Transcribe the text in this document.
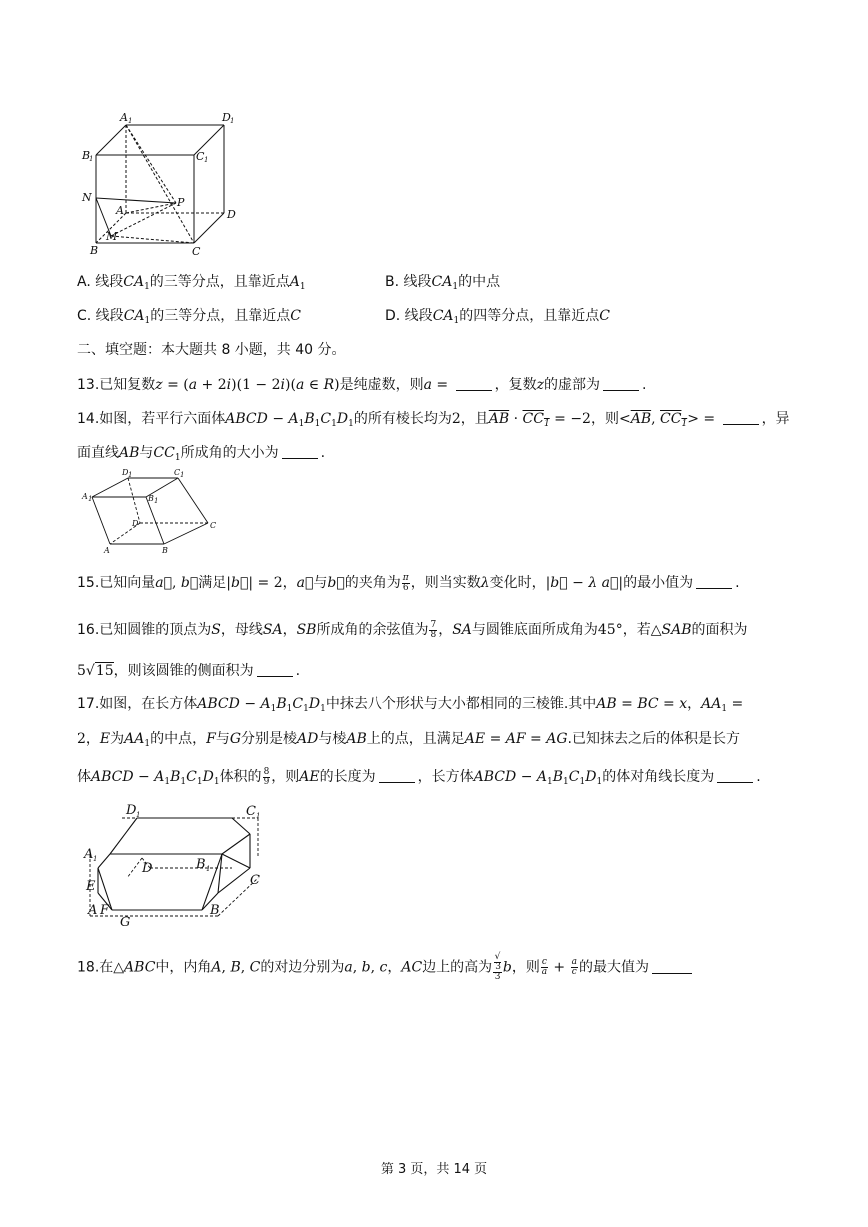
A 1	D 1
B
1	C 1
N
A
P
D
M
B	C
A. 线段$CA_1$的三等分点，且靠近点$A_1$	B. 线段$CA_1$的中点
C. 线段$CA_1$的三等分点，且靠近点C	D. 线段$CA_1$的四等分点，且靠近点C
二、填空题：本大题共 8 小题，共 40 分。
13.已知复数z = (a + 2i)(1 − 2i)(a ∈ R)是纯虚数，则a =	，复数z的虚部为	.
14.如图，若平行六面体ABCD − $A_1B_1C_1D_1$的所有棱长均为2，且$\overline{AB} \cdot CC_1 = -2$，则$<\overline{AB}$, $CC_1>$ =	，异
面直线AB与$CC_1$所成角的大小为	.
D 1	C 1
A 1	B 1
D	C
A	B
15.已知向量a⃗, b⃗满足|b⃗| = 2，a⃗与b⃗的夹角为 $\frac{\pi}{6}$ ，则当实数λ变化时，|b⃗ − λ a⃗|的最小值为	.
16.已知圆锥的顶点为S，母线SA，SB所成角的余弦值为 $\frac{7}{8}$ ，SA与圆锥底面所成角为45°，若△SAB的面积为
5√15，则该圆锥的侧面积为	.
17.如图，在长方体ABCD − $A_1B_1C_1D_1$中抹去八个形状与大小都相同的三棱锥.其中AB = BC = x，$AA_1$ =
2，E为$AA_1$的中点，F与G分别是棱AD与棱AB上的点，且满足AE = AF = AG.已知抹去之后的体积是长方
体ABCD − $A_1B_1C_1D_1$体积的 $\frac{8}{9}$ ，则AE的长度为	，长方体ABCD − $A_1B_1C_1D_1$的体对角线长度为	.
D 1	C 1
A 1
D	B 1
C
E
A F
G
B
18.在△ABC中，内角A, B, C的对边分别为a, b, c，AC边上的高为 √
3
3 b，则 $\frac{c}{a} + \frac{a}{c}$ 的最大值为
第 3 页，共 14 页
